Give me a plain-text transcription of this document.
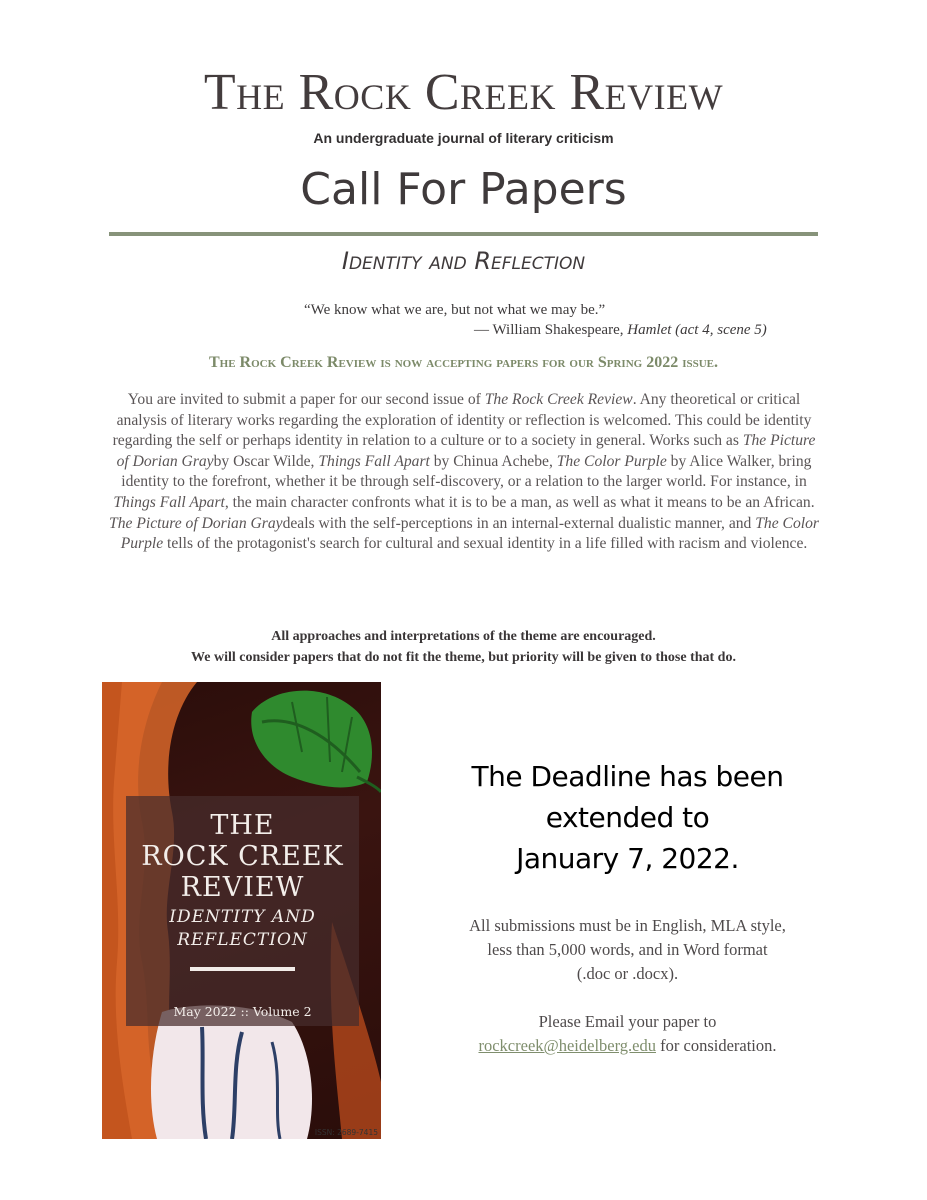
The Rock Creek Review
An undergraduate journal of literary criticism
Call For Papers
Identity and Reflection
“We know what we are, but not what we may be.”
— William Shakespeare, Hamlet (act 4, scene 5)
The Rock Creek Review is now accepting papers for our Spring 2022 issue.
You are invited to submit a paper for our second issue of The Rock Creek Review. Any theoretical or critical analysis of literary works regarding the exploration of identity or reflection is welcomed. This could be identity regarding the self or perhaps identity in relation to a culture or to a society in general. Works such as The Picture of Dorian Grayby Oscar Wilde, Things Fall Apart by Chinua Achebe, The Color Purple by Alice Walker, bring identity to the forefront, whether it be through self-discovery, or a relation to the larger world. For instance, in Things Fall Apart, the main character confronts what it is to be a man, as well as what it means to be an African. The Picture of Dorian Graydeals with the self-perceptions in an internal-external dualistic manner, and The Color Purple tells of the protagonist's search for cultural and sexual identity in a life filled with racism and violence.
All approaches and interpretations of the theme are encouraged.
We will consider papers that do not fit the theme, but priority will be given to those that do.
THE
ROCK CREEK
REVIEW
IDENTITY AND
REFLECTION
May 2022 :: Volume 2
ISSN: 2689-7415
The Deadline has been
extended to
January 7, 2022.
All submissions must be in English, MLA style,
less than 5,000 words, and in Word format
(.doc or .docx).
Please Email your paper to
rockcreek@heidelberg.edu for consideration.
